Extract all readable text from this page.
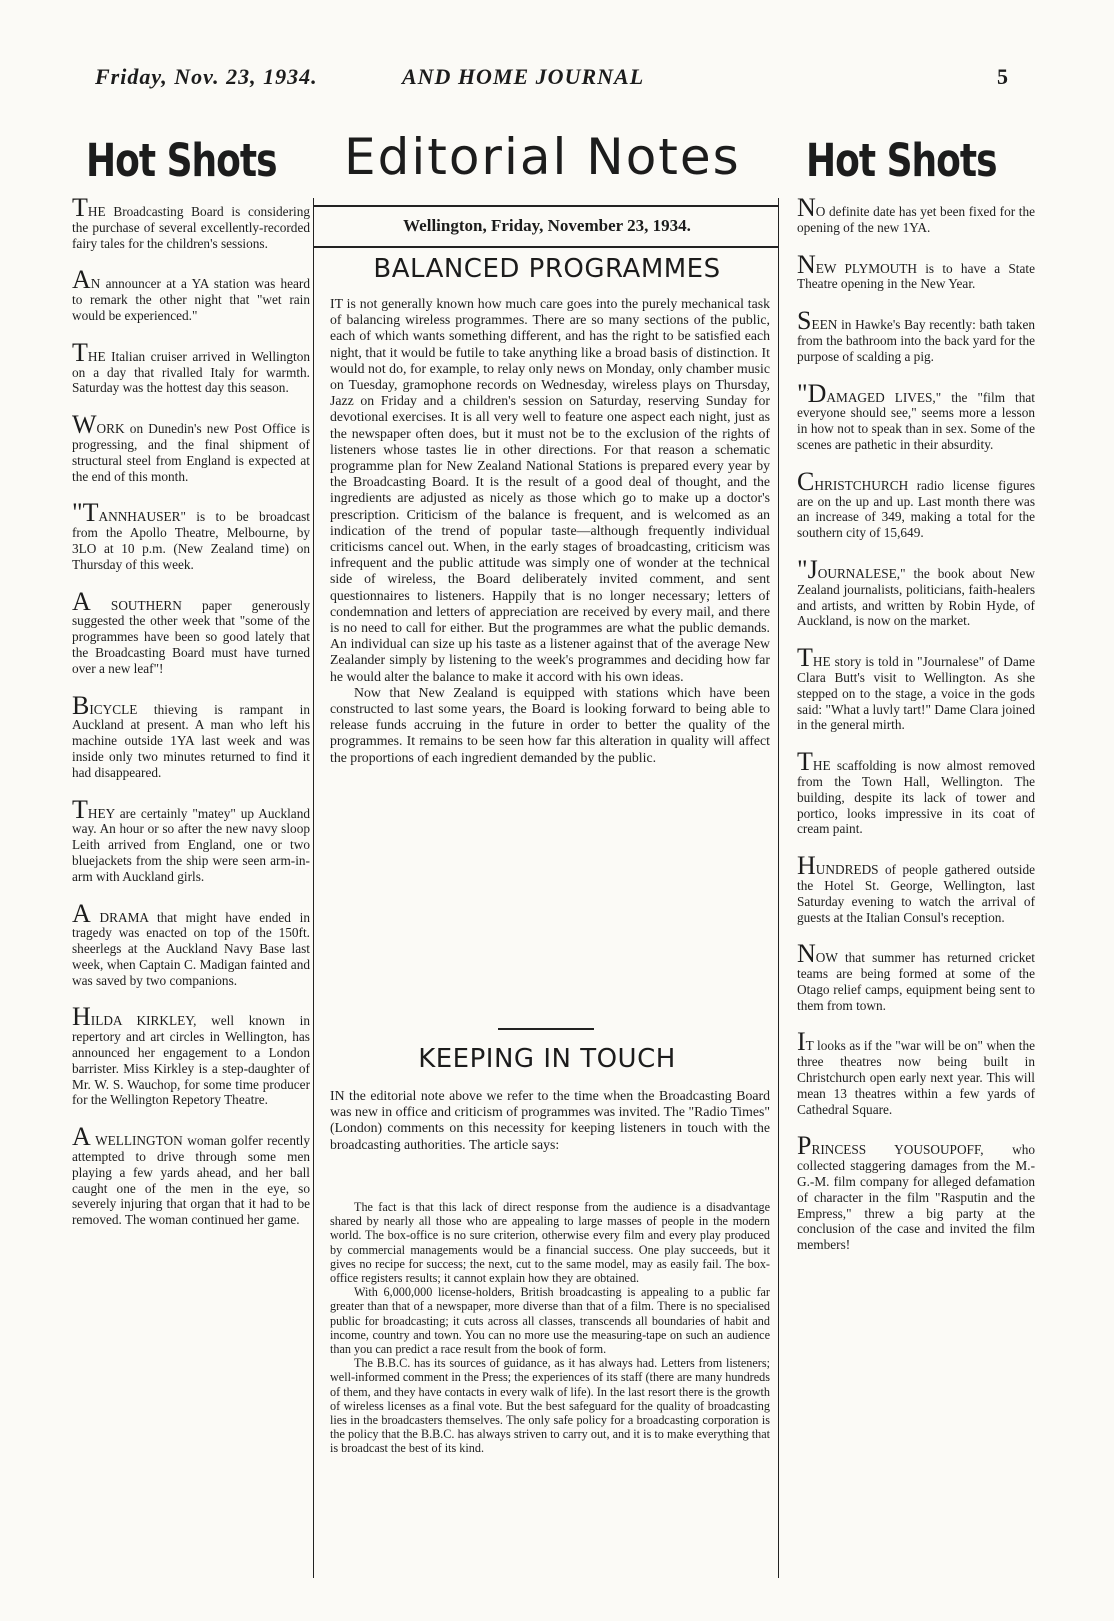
Friday, Nov. 23, 1934.	AND HOME JOURNAL	5
Hot Shots Editorial Notes Hot Shots
Wellington, Friday, November 23, 1934.

THE Broadcasting Board is considering the purchase of several excellently-recorded fairy tales for the children's sessions.

AN announcer at a YA station was heard to remark the other night that "wet rain would be experienced."

THE Italian cruiser arrived in Wellington on a day that rivalled Italy for warmth. Saturday was the hottest day this season.

WORK on Dunedin's new Post Office is progressing, and the final shipment of structural steel from England is expected at the end of this month.

"TANNHAUSER" is to be broadcast from the Apollo Theatre, Melbourne, by 3LO at 10 p.m. (New Zealand time) on Thursday of this week.

A SOUTHERN paper generously suggested the other week that "some of the programmes have been so good lately that the Broadcasting Board must have turned over a new leaf"!

BICYCLE thieving is rampant in Auckland at present. A man who left his machine outside 1YA last week and was inside only two minutes returned to find it had disappeared.

THEY are certainly "matey" up Auckland way. An hour or so after the new navy sloop Leith arrived from England, one or two bluejackets from the ship were seen arm-in-arm with Auckland girls.

A DRAMA that might have ended in tragedy was enacted on top of the 150ft. sheerlegs at the Auckland Navy Base last week, when Captain C. Madigan fainted and was saved by two companions.

HILDA KIRKLEY, well known in repertory and art circles in Wellington, has announced her engagement to a London barrister. Miss Kirkley is a step-daughter of Mr. W. S. Wauchop, for some time producer for the Wellington Repetory Theatre.

A WELLINGTON woman golfer recently attempted to drive through some men playing a few yards ahead, and her ball caught one of the men in the eye, so severely injuring that organ that it had to be removed. The woman continued her game.

NO definite date has yet been fixed for the opening of the new 1YA.

NEW PLYMOUTH is to have a State Theatre opening in the New Year.

SEEN in Hawke's Bay recently: bath taken from the bathroom into the back yard for the purpose of scalding a pig.

"DAMAGED LIVES," the "film that everyone should see," seems more a lesson in how not to speak than in sex. Some of the scenes are pathetic in their absurdity.

CHRISTCHURCH radio license figures are on the up and up. Last month there was an increase of 349, making a total for the southern city of 15,649.

"JOURNALESE," the book about New Zealand journalists, politicians, faith-healers and artists, and written by Robin Hyde, of Auckland, is now on the market.

THE story is told in "Journalese" of Dame Clara Butt's visit to Wellington. As she stepped on to the stage, a voice in the gods said: "What a luvly tart!" Dame Clara joined in the general mirth.

THE scaffolding is now almost removed from the Town Hall, Wellington. The building, despite its lack of tower and portico, looks impressive in its coat of cream paint.

HUNDREDS of people gathered outside the Hotel St. George, Wellington, last Saturday evening to watch the arrival of guests at the Italian Consul's reception.

NOW that summer has returned cricket teams are being formed at some of the Otago relief camps, equipment being sent to them from town.

IT looks as if the "war will be on" when the three theatres now being built in Christchurch open early next year. This will mean 13 theatres within a few yards of Cathedral Square.

PRINCESS YOUSOUPOFF, who collected staggering damages from the M.-G.-M. film company for alleged defamation of character in the film "Rasputin and the Empress," threw a big party at the conclusion of the case and invited the film members!

BALANCED PROGRAMMES

IT is not generally known how much care goes into the purely mechanical task of balancing wireless programmes. There are so many sections of the public, each of which wants something different, and has the right to be satisfied each night, that it would be futile to take anything like a broad basis of distinction. It would not do, for example, to relay only news on Monday, only chamber music on Tuesday, gramophone records on Wednesday, wireless plays on Thursday, Jazz on Friday and a children's session on Saturday, reserving Sunday for devotional exercises. It is all very well to feature one aspect each night, just as the newspaper often does, but it must not be to the exclusion of the rights of listeners whose tastes lie in other directions. For that reason a schematic programme plan for New Zealand National Stations is prepared every year by the Broadcasting Board. It is the result of a good deal of thought, and the ingredients are adjusted as nicely as those which go to make up a doctor's prescription. Criticism of the balance is frequent, and is welcomed as an indication of the trend of popular taste—although frequently individual criticisms cancel out. When, in the early stages of broadcasting, criticism was infrequent and the public attitude was simply one of wonder at the technical side of wireless, the Board deliberately invited comment, and sent questionnaires to listeners. Happily that is no longer necessary; letters of condemnation and letters of appreciation are received by every mail, and there is no need to call for either. But the programmes are what the public demands. An individual can size up his taste as a listener against that of the average New Zealander simply by listening to the week's programmes and deciding how far he would alter the balance to make it accord with his own ideas.

Now that New Zealand is equipped with stations which have been constructed to last some years, the Board is looking forward to being able to release funds accruing in the future in order to better the quality of the programmes. It remains to be seen how far this alteration in quality will affect the proportions of each ingredient demanded by the public.

KEEPING IN TOUCH
IN the editorial note above we refer to the time when the Broadcasting Board was new in office and criticism of programmes was invited. The "Radio Times" (London) comments on this necessity for keeping listeners in touch with the broadcasting authorities. The article says:

The fact is that this lack of direct response from the audience is a disadvantage shared by nearly all those who are appealing to large masses of people in the modern world. The box-office is no sure criterion, otherwise every film and every play produced by commercial managements would be a financial success. One play succeeds, but it gives no recipe for success; the next, cut to the same model, may as easily fail. The box-office registers results; it cannot explain how they are obtained.

With 6,000,000 license-holders, British broadcasting is appealing to a public far greater than that of a newspaper, more diverse than that of a film. There is no specialised public for broadcasting; it cuts across all classes, transcends all boundaries of habit and income, country and town. You can no more use the measuring-tape on such an audience than you can predict a race result from the book of form.

The B.B.C. has its sources of guidance, as it has always had. Letters from listeners; well-informed comment in the Press; the experiences of its staff (there are many hundreds of them, and they have contacts in every walk of life). In the last resort there is the growth of wireless licenses as a final vote. But the best safeguard for the quality of broadcasting lies in the broadcasters themselves. The only safe policy for a broadcasting corporation is the policy that the B.B.C. has always striven to carry out, and it is to make everything that is broadcast the best of its kind.
